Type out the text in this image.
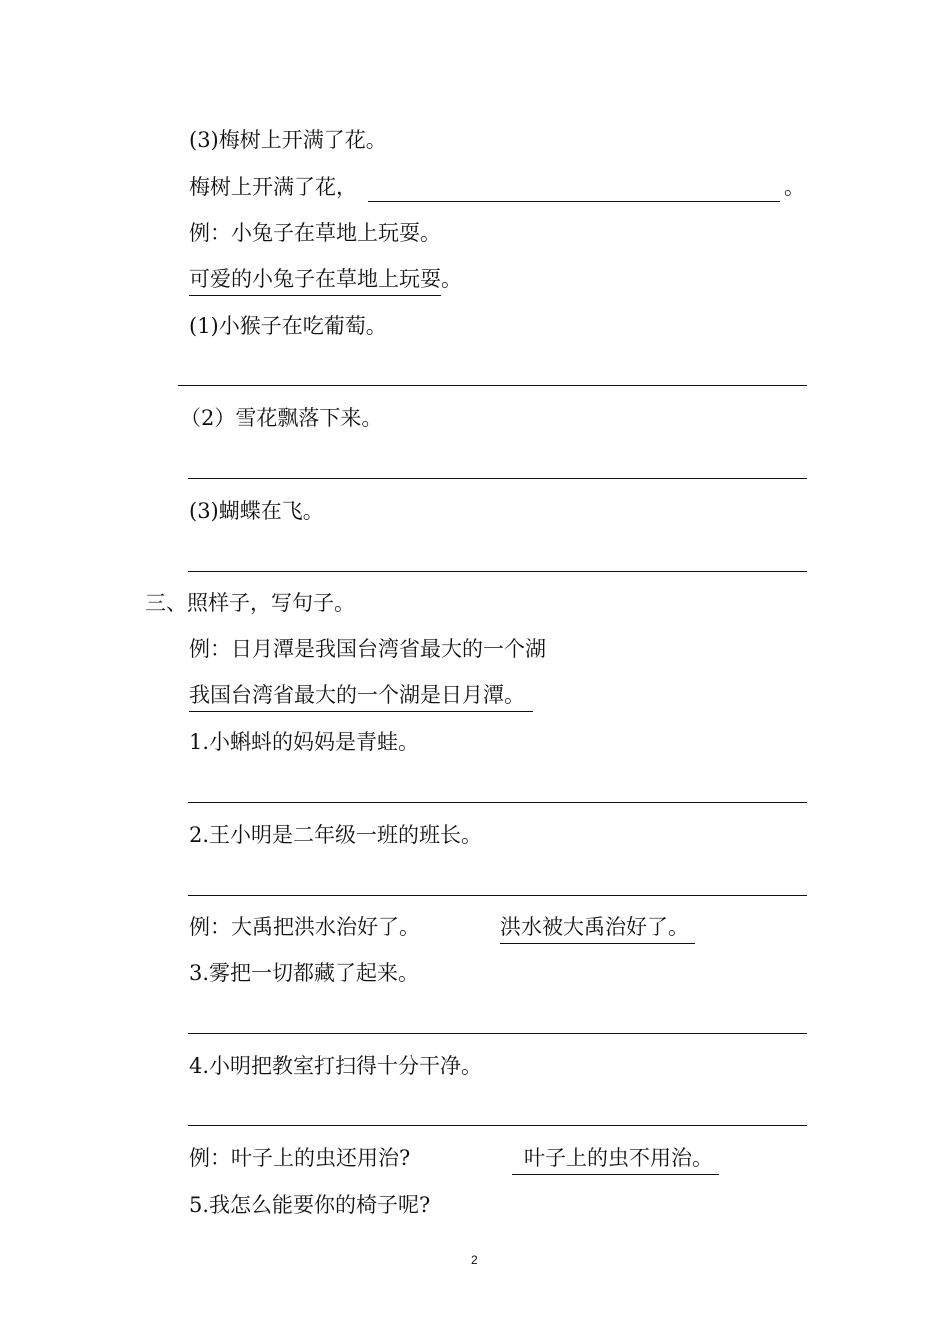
(3)梅树上开满了花。
梅树上开满了花，	。
例：小兔子在草地上玩耍。
可爱的小兔子在草地上玩耍。
(1)小猴子在吃葡萄。
（2）雪花飘落下来。
(3)蝴蝶在飞。
三、照样子，写句子。
例：日月潭是我国台湾省最大的一个湖
我国台湾省最大的一个湖是日月潭。
1.小蝌蚪的妈妈是青蛙。
2.王小明是二年级一班的班长。
例：大禹把洪水治好了。	洪水被大禹治好了。
3.雾把一切都藏了起来。
4.小明把教室打扫得十分干净。
例：叶子上的虫还用治?	叶子上的虫不用治。
5.我怎么能要你的椅子呢?
2
